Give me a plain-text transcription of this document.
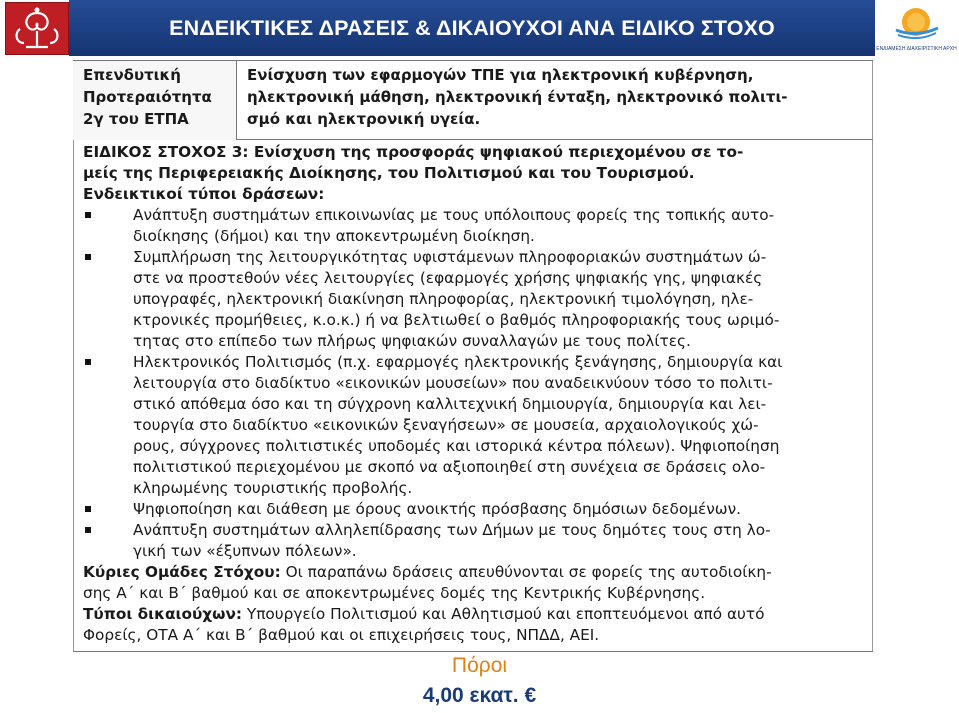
ΕΝΔΕΙΚΤΙΚΕΣ ΔΡΑΣΕΙΣ & ΔΙΚΑΙΟΥΧΟΙ ΑΝΑ ΕΙΔΙΚΟ ΣΤΟΧΟ
ΕΝΔΙΑΜΕΣΗ ΔΙΑΧΕΙΡΙΣΤΙΚΗ ΑΡΧΗ
Επενδυτική
Προτεραιότητα
2γ του ΕΤΠΑ
Ενίσχυση των εφαρμογών ΤΠΕ για ηλεκτρονική κυβέρνηση,
ηλεκτρονική μάθηση, ηλεκτρονική ένταξη, ηλεκτρονικό πολιτι-
σμό και ηλεκτρονική υγεία.
ΕΙΔΙΚΟΣ ΣΤΟΧΟΣ 3: Ενίσχυση της προσφοράς ψηφιακού περιεχομένου σε το-
μείς της Περιφερειακής Διοίκησης, του Πολιτισμού και του Τουρισμού.
Ενδεικτικοί τύποι δράσεων:
Ανάπτυξη συστημάτων επικοινωνίας με τους υπόλοιπους φορείς της τοπικής αυτο-
διοίκησης (δήμοι) και την αποκεντρωμένη διοίκηση.
Συμπλήρωση της λειτουργικότητας υφιστάμενων πληροφοριακών συστημάτων ώ-
στε να προστεθούν νέες λειτουργίες (εφαρμογές χρήσης ψηφιακής γης, ψηφιακές
υπογραφές, ηλεκτρονική διακίνηση πληροφορίας, ηλεκτρονική τιμολόγηση, ηλε-
κτρονικές προμήθειες, κ.ο.κ.) ή να βελτιωθεί ο βαθμός πληροφοριακής τους ωριμό-
τητας στο επίπεδο των πλήρως ψηφιακών συναλλαγών με τους πολίτες.
Ηλεκτρονικός Πολιτισμός (π.χ. εφαρμογές ηλεκτρονικής ξενάγησης, δημιουργία και
λειτουργία στο διαδίκτυο «εικονικών μουσείων» που αναδεικνύουν τόσο το πολιτι-
στικό απόθεμα όσο και τη σύγχρονη καλλιτεχνική δημιουργία, δημιουργία και λει-
τουργία στο διαδίκτυο «εικονικών ξεναγήσεων» σε μουσεία, αρχαιολογικούς χώ-
ρους, σύγχρονες πολιτιστικές υποδομές και ιστορικά κέντρα πόλεων). Ψηφιοποίηση
πολιτιστικού περιεχομένου με σκοπό να αξιοποιηθεί στη συνέχεια σε δράσεις ολο-
κληρωμένης τουριστικής προβολής.
Ψηφιοποίηση και διάθεση με όρους ανοικτής πρόσβασης δημόσιων δεδομένων.
Ανάπτυξη συστημάτων αλληλεπίδρασης των Δήμων με τους δημότες τους στη λο-
γική των «έξυπνων πόλεων».
Κύριες Ομάδες Στόχου: Οι παραπάνω δράσεις απευθύνονται σε φορείς της αυτοδιοίκη-
σης Α΄ και Β΄ βαθμού και σε αποκεντρωμένες δομές της Κεντρικής Κυβέρνησης.
Τύποι δικαιούχων: Υπουργείο Πολιτισμού και Αθλητισμού και εποπτευόμενοι από αυτό
Φορείς, ΟΤΑ Α΄ και Β΄ βαθμού και οι επιχειρήσεις τους, ΝΠΔΔ, ΑΕΙ.
Πόροι
4,00 εκατ. €
